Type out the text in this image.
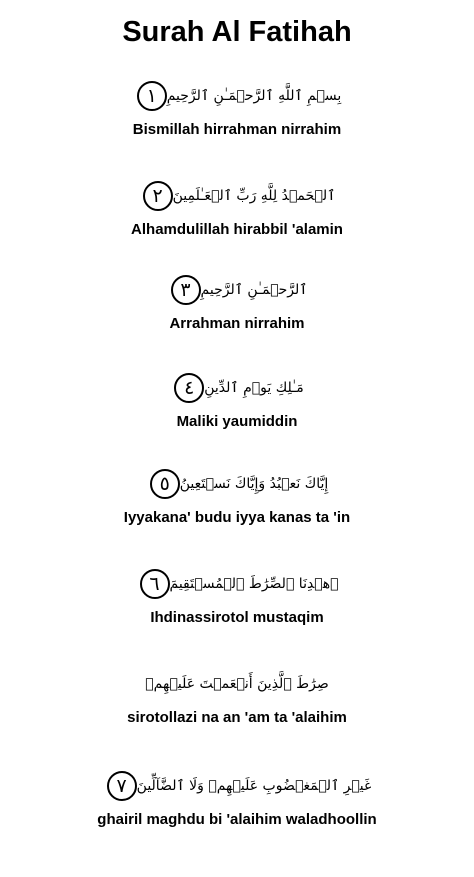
Surah Al Fatihah
بِسۡمِ ٱللَّهِ ٱلرَّحۡمَـٰنِ ٱلرَّحِيمِ
١
Bismillah hirrahman nirrahim
ٱلۡحَمۡدُ لِلَّهِ رَبِّ ٱلۡعَـٰلَمِينَ
٢
Alhamdulillah hirabbil 'alamin
ٱلرَّحۡمَـٰنِ ٱلرَّحِيمِ
٣
Arrahman nirrahim
مَـٰلِكِ يَوۡمِ ٱلدِّينِ
٤
Maliki yaumiddin
إِيَّاكَ نَعۡبُدُ وَإِيَّاكَ نَسۡتَعِينُ
٥
Iyyakana' budu iyya kanas ta 'in
ٱهۡدِنَا ٱلصِّرَٰطَ ٱلۡمُسۡتَقِيمَ
٦
Ihdinassirotol mustaqim
صِرَٰطَ ٱلَّذِينَ أَنۡعَمۡتَ عَلَيۡهِمۡ
sirotollazi na an 'am ta 'alaihim
غَيۡرِ ٱلۡمَغۡضُوبِ عَلَيۡهِمۡ وَلَا ٱلضَّآلِّينَ
٧
ghairil maghdu bi 'alaihim waladhoollin
